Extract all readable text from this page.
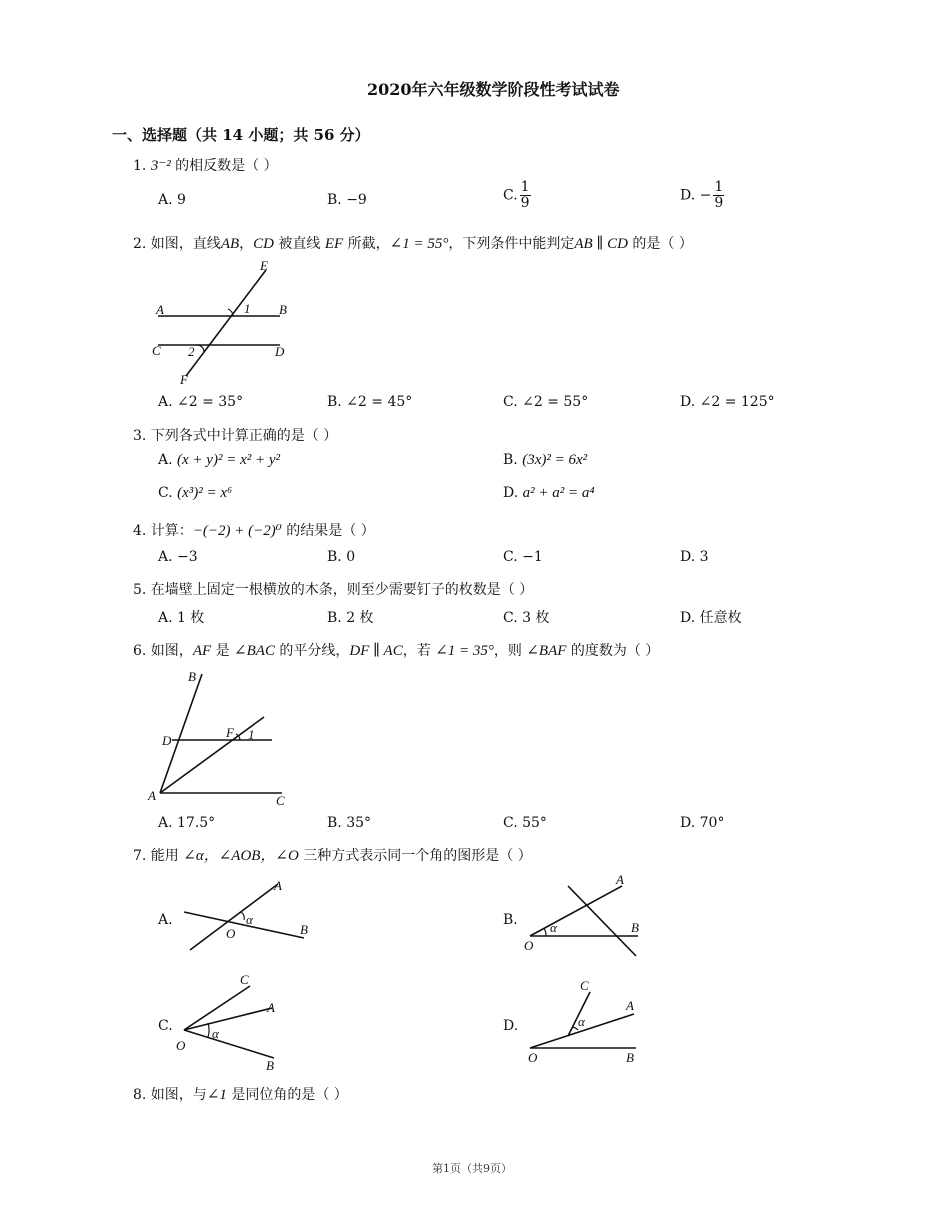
2020年六年级数学阶段性考试试卷
一、选择题（共 14 小题；共 56 分）
1. 3⁻² 的相反数是（ ）
A. 9	B. −9	C. $\frac{1}{9}$	D. − $\frac{1}{9}$
2. 如图，直线AB，CD 被直线 EF 所截，∠1 = 55°，下列条件中能判定AB ∥ CD 的是（ ）
E
A	B
1
C 2	D
F
A. ∠2 = 35°	B. ∠2 = 45°	C. ∠2 = 55°	D. ∠2 = 125°
3. 下列各式中计算正确的是（ ）
A. (x + y)² = x² + y²	B. (3x)² = 6x²
C. (x³)² = x⁶	D. a² + a² = a⁴
4. 计算：−(−2) + (−2)⁰ 的结果是（ ）
A. −3	B. 0	C. −1	D. 3
5. 在墙壁上固定一根横放的木条，则至少需要钉子的枚数是（ ）
A. 1 枚	B. 2 枚	C. 3 枚	D. 任意枚
6. 如图，AF 是 ∠BAC 的平分线，DF ∥ AC，若 ∠1 = 35°，则 ∠BAF 的度数为（ ）
B
D
F 1
A	C
A. 17.5°	B. 35°	C. 55°	D. 70°
7. 能用 ∠α，∠AOB，∠O 三种方式表示同一个角的图形是（ ）
A.
A
O
α
B
B.
A
O
α	B
C.
C
A
O
α
B
D.
C
A
O
α
B
8. 如图，与∠1 是同位角的是（ ）
第1页（共9页）
